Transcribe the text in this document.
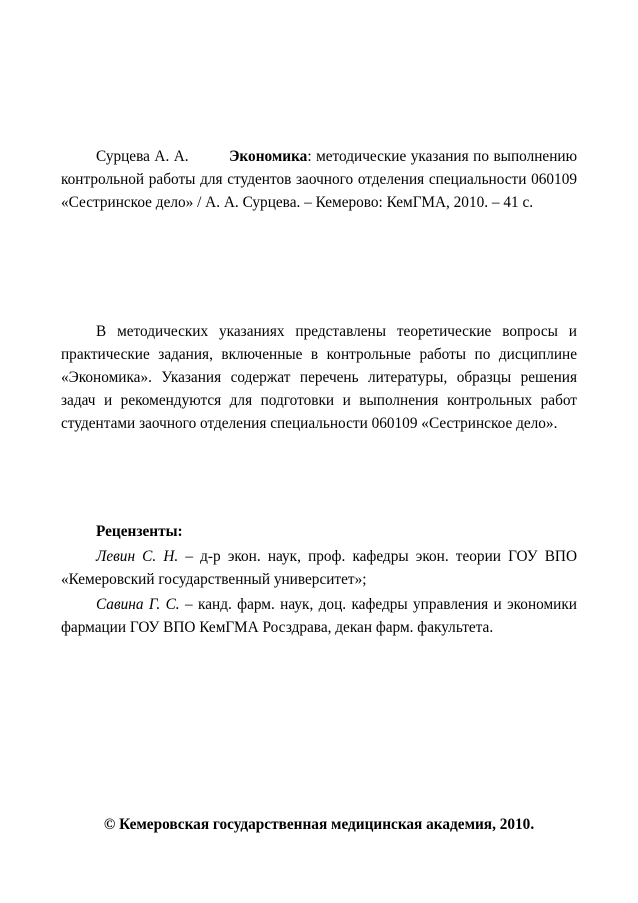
Сурцева А. А.	Экономика: методические указания по выполнению контрольной работы для студентов заочного отделения специальности 060109 «Сестринское дело» / А. А. Сурцева. – Кемерово: КемГМА, 2010. – 41 с.

В методических указаниях представлены теоретические вопросы и практические задания, включенные в контрольные работы по дисциплине «Экономика». Указания содержат перечень литературы, образцы решения задач и рекомендуются для подготовки и выполнения контрольных работ студентами заочного отделения специальности 060109 «Сестринское дело».

Рецензенты:

Левин С. Н. – д-р экон. наук, проф. кафедры экон. теории ГОУ ВПО «Кемеровский государственный университет»;

Савина Г. С. – канд. фарм. наук, доц. кафедры управления и экономики фармации ГОУ ВПО КемГМА Росздрава, декан фарм. факультета.

© Кемеровская государственная медицинская академия, 2010.
